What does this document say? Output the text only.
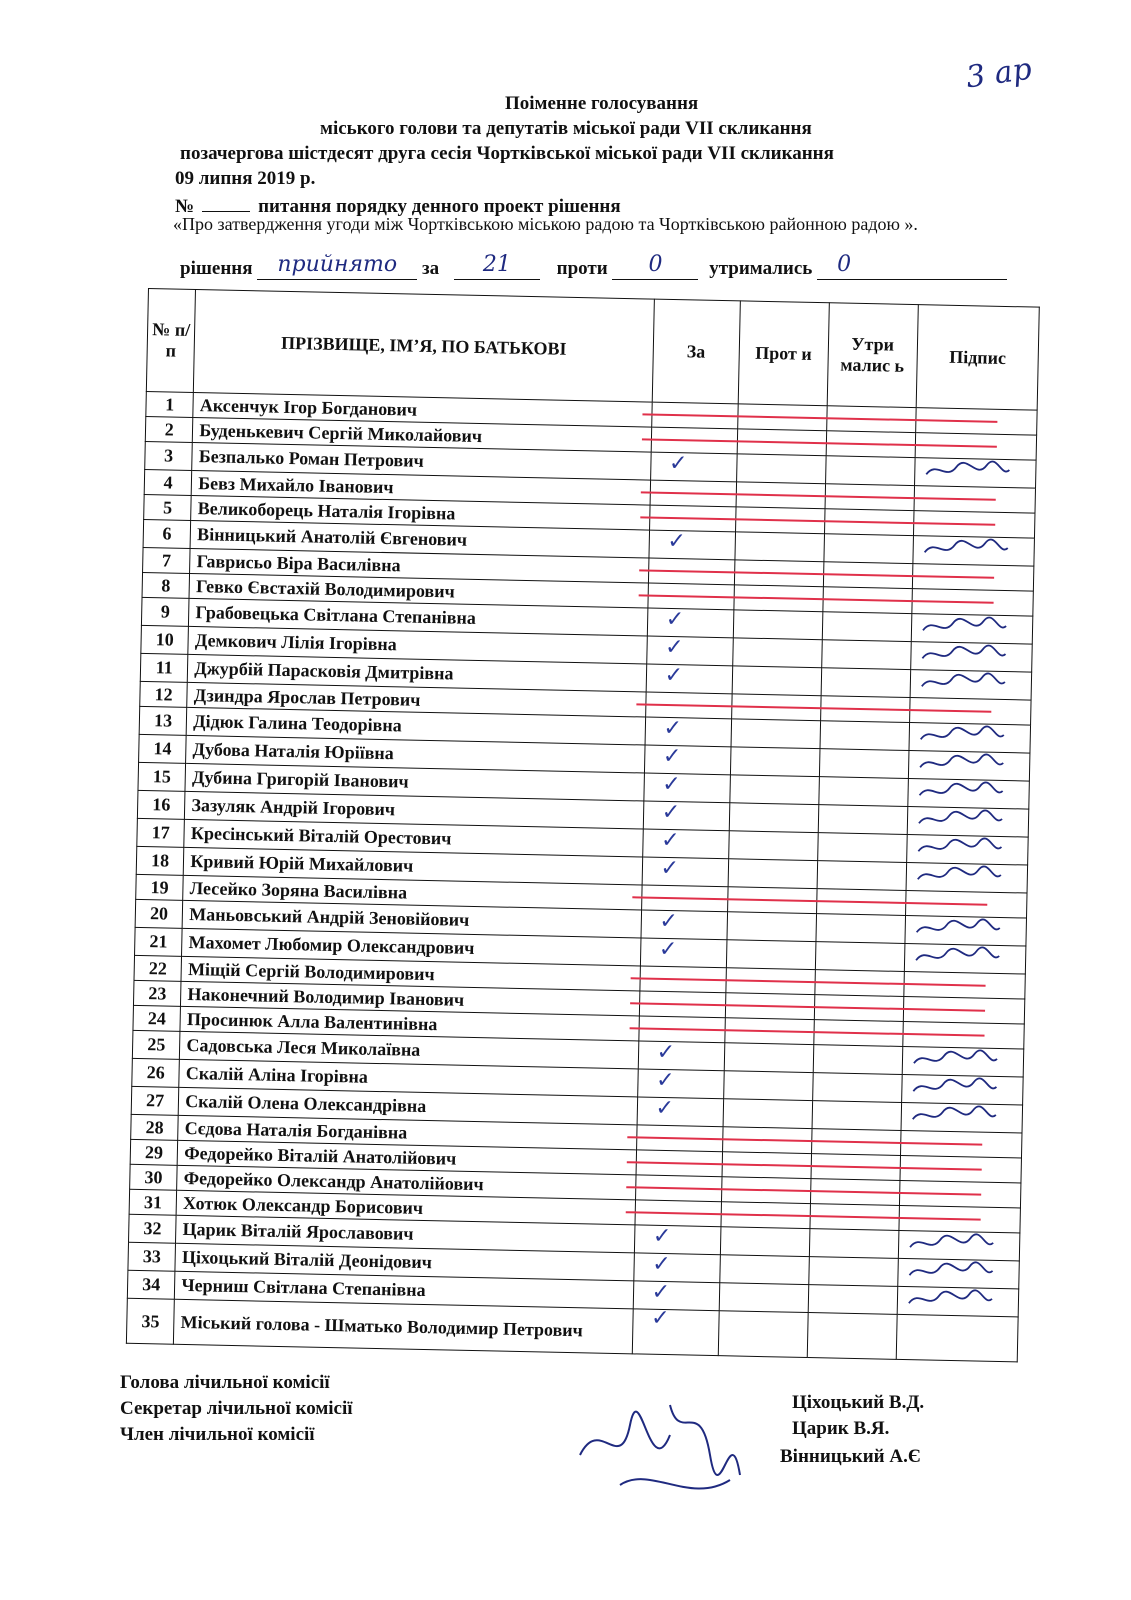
3 ар
Поіменне голосування
міського голови та депутатів міської ради VII скликання
позачергова шістдесят друга сесія Чортківської міської ради VII скликання
09 липня 2019 р.
№	питання порядку денного проект рішення
«Про затвердження угоди між Чортківською міською радою та Чортківською районною радою ».
рішення	прийнято	за	21	проти	0	утримались	0
№ п/п	ПРІЗВИЩЕ, ІМ’Я, ПО БАТЬКОВІ	За	Прот и	Утри малис ь	Підпис
1	Аксенчук Ігор Богданович	

2	Буденькевич Сергій Миколайович	

3	Безпалько Роман Петрович	✓

4	Бевз Михайло Іванович	

5	Великоборець Наталія Ігорівна	

6	Вінницький Анатолій Євгенович	✓

7	Гаврисьо Віра Василівна	

8	Гевко Євстахій Володимирович	

9	Грабовецька Світлана Степанівна	✓

10	Демкович Лілія Ігорівна	✓

11	Джурбій Парасковія Дмитрівна	✓

12	Дзиндра Ярослав Петрович	

13	Дідюк Галина Теодорівна	✓

14	Дубова Наталія Юріївна	✓

15	Дубина Григорій Іванович	✓

16	Зазуляк Андрій Ігорович	✓

17	Кресінський Віталій Орестович	✓

18	Кривий Юрій Михайлович	✓

19	Лесейко Зоряна Василівна	

20	Маньовський Андрій Зеновійович	✓

21	Махомет Любомир Олександрович	✓

22	Міщій Сергій Володимирович	

23	Наконечний Володимир Іванович	

24	Просинюк Алла Валентинівна	

25	Садовська Леся Миколаївна	✓

26	Скалій Аліна Ігорівна	✓

27	Скалій Олена Олександрівна	✓

28	Сєдова Наталія Богданівна	

29	Федорейко Віталій Анатолійович	

30	Федорейко Олександр Анатолійович	

31	Хотюк Олександр Борисович	

32	Царик Віталій Ярославович	✓

33	Ціхоцький Віталій Деонідович	✓

34	Черниш Світлана Степанівна	✓

35	Міський голова - Шматько Володимир Петрович	✓			

Голова лічильної комісії
Секретар лічильної комісії
Член лічильної комісії
Ціхоцький В.Д.
Царик В.Я.
Вінницький А.Є
